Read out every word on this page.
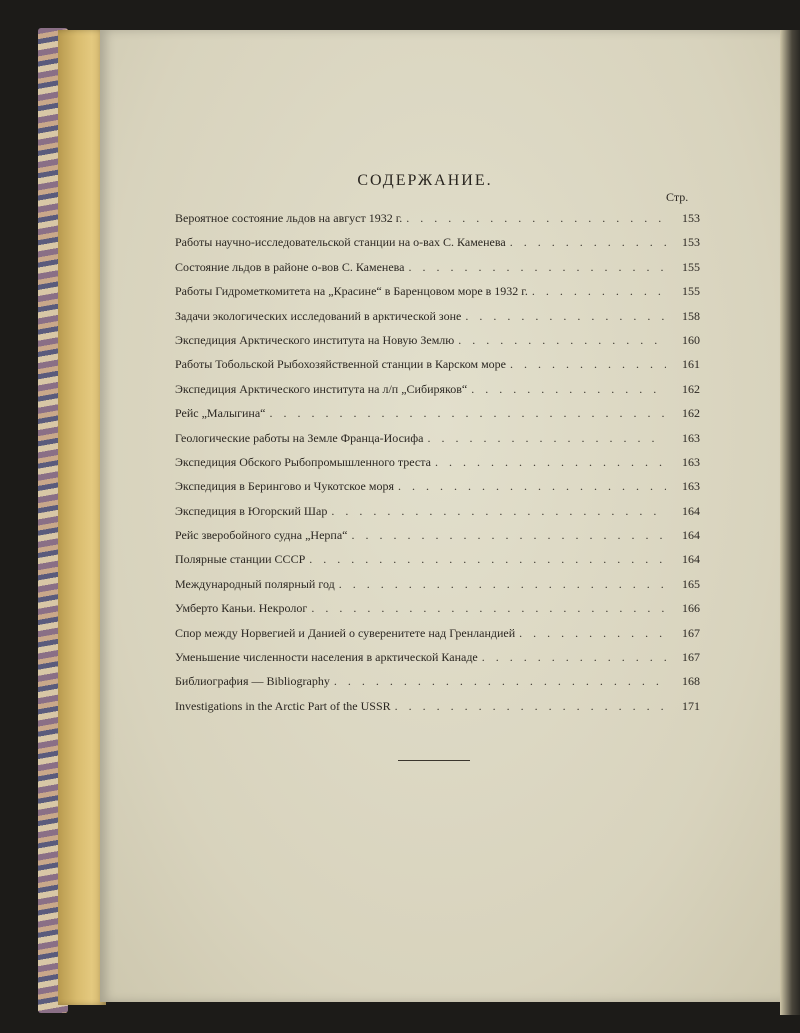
СОДЕРЖАНИЕ.
Стр.
Вероятное состояние льдов на август 1932 г. . . .	153
Работы научно-исследовательской станции на о-вах С. Каменева . . .	153
Состояние льдов в районе о-вов С. Каменева . . .	155
Работы Гидрометкомитета на „Красине“ в Баренцовом море в 1932 г. . . .	155
Задачи экологических исследований в арктической зоне . . .	158
Экспедиция Арктического института на Новую Землю . . .	160
Работы Тобольской Рыбохозяйственной станции в Карском море . . .	161
Экспедиция Арктического института на л/п „Сибиряков“ . . .	162
Рейс „Малыгина“ . . .	162
Геологические работы на Земле Франца-Иосифа . . .	163
Экспедиция Обского Рыбопромышленного треста . . .	163
Экспедиция в Берингово и Чукотское моря . . .	163
Экспедиция в Югорский Шар . . .	164
Рейс зверобойного судна „Нерпа“ . . .	164
Полярные станции СССР . . .	164
Международный полярный год . . .	165
Умберто Каньи. Некролог . . .	166
Спор между Норвегией и Данией о суверенитете над Гренландией . . .	167
Уменьшение численности населения в арктической Канаде . . .	167
Библиография — Bibliography . . .	168
Investigations in the Arctic Part of the USSR . . .	171
